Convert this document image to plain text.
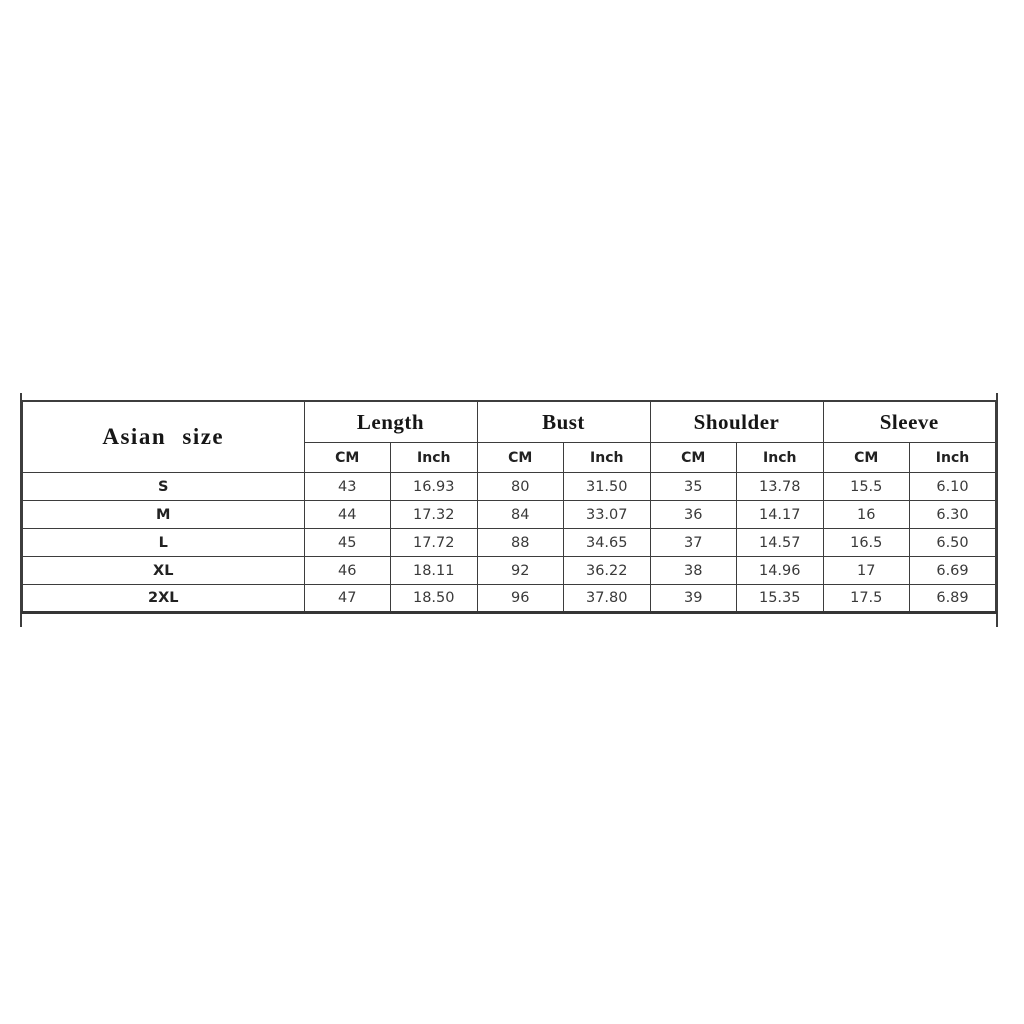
Asian size	Length		Bust		Shoulder		Sleeve	
	CM	Inch	CM	Inch	CM	Inch	CM	Inch
S	43	16.93	80	31.50	35	13.78	15.5	6.10
M	44	17.32	84	33.07	36	14.17	16	6.30
L	45	17.72	88	34.65	37	14.57	16.5	6.50
XL	46	18.11	92	36.22	38	14.96	17	6.69
2XL	47	18.50	96	37.80	39	15.35	17.5	6.89
